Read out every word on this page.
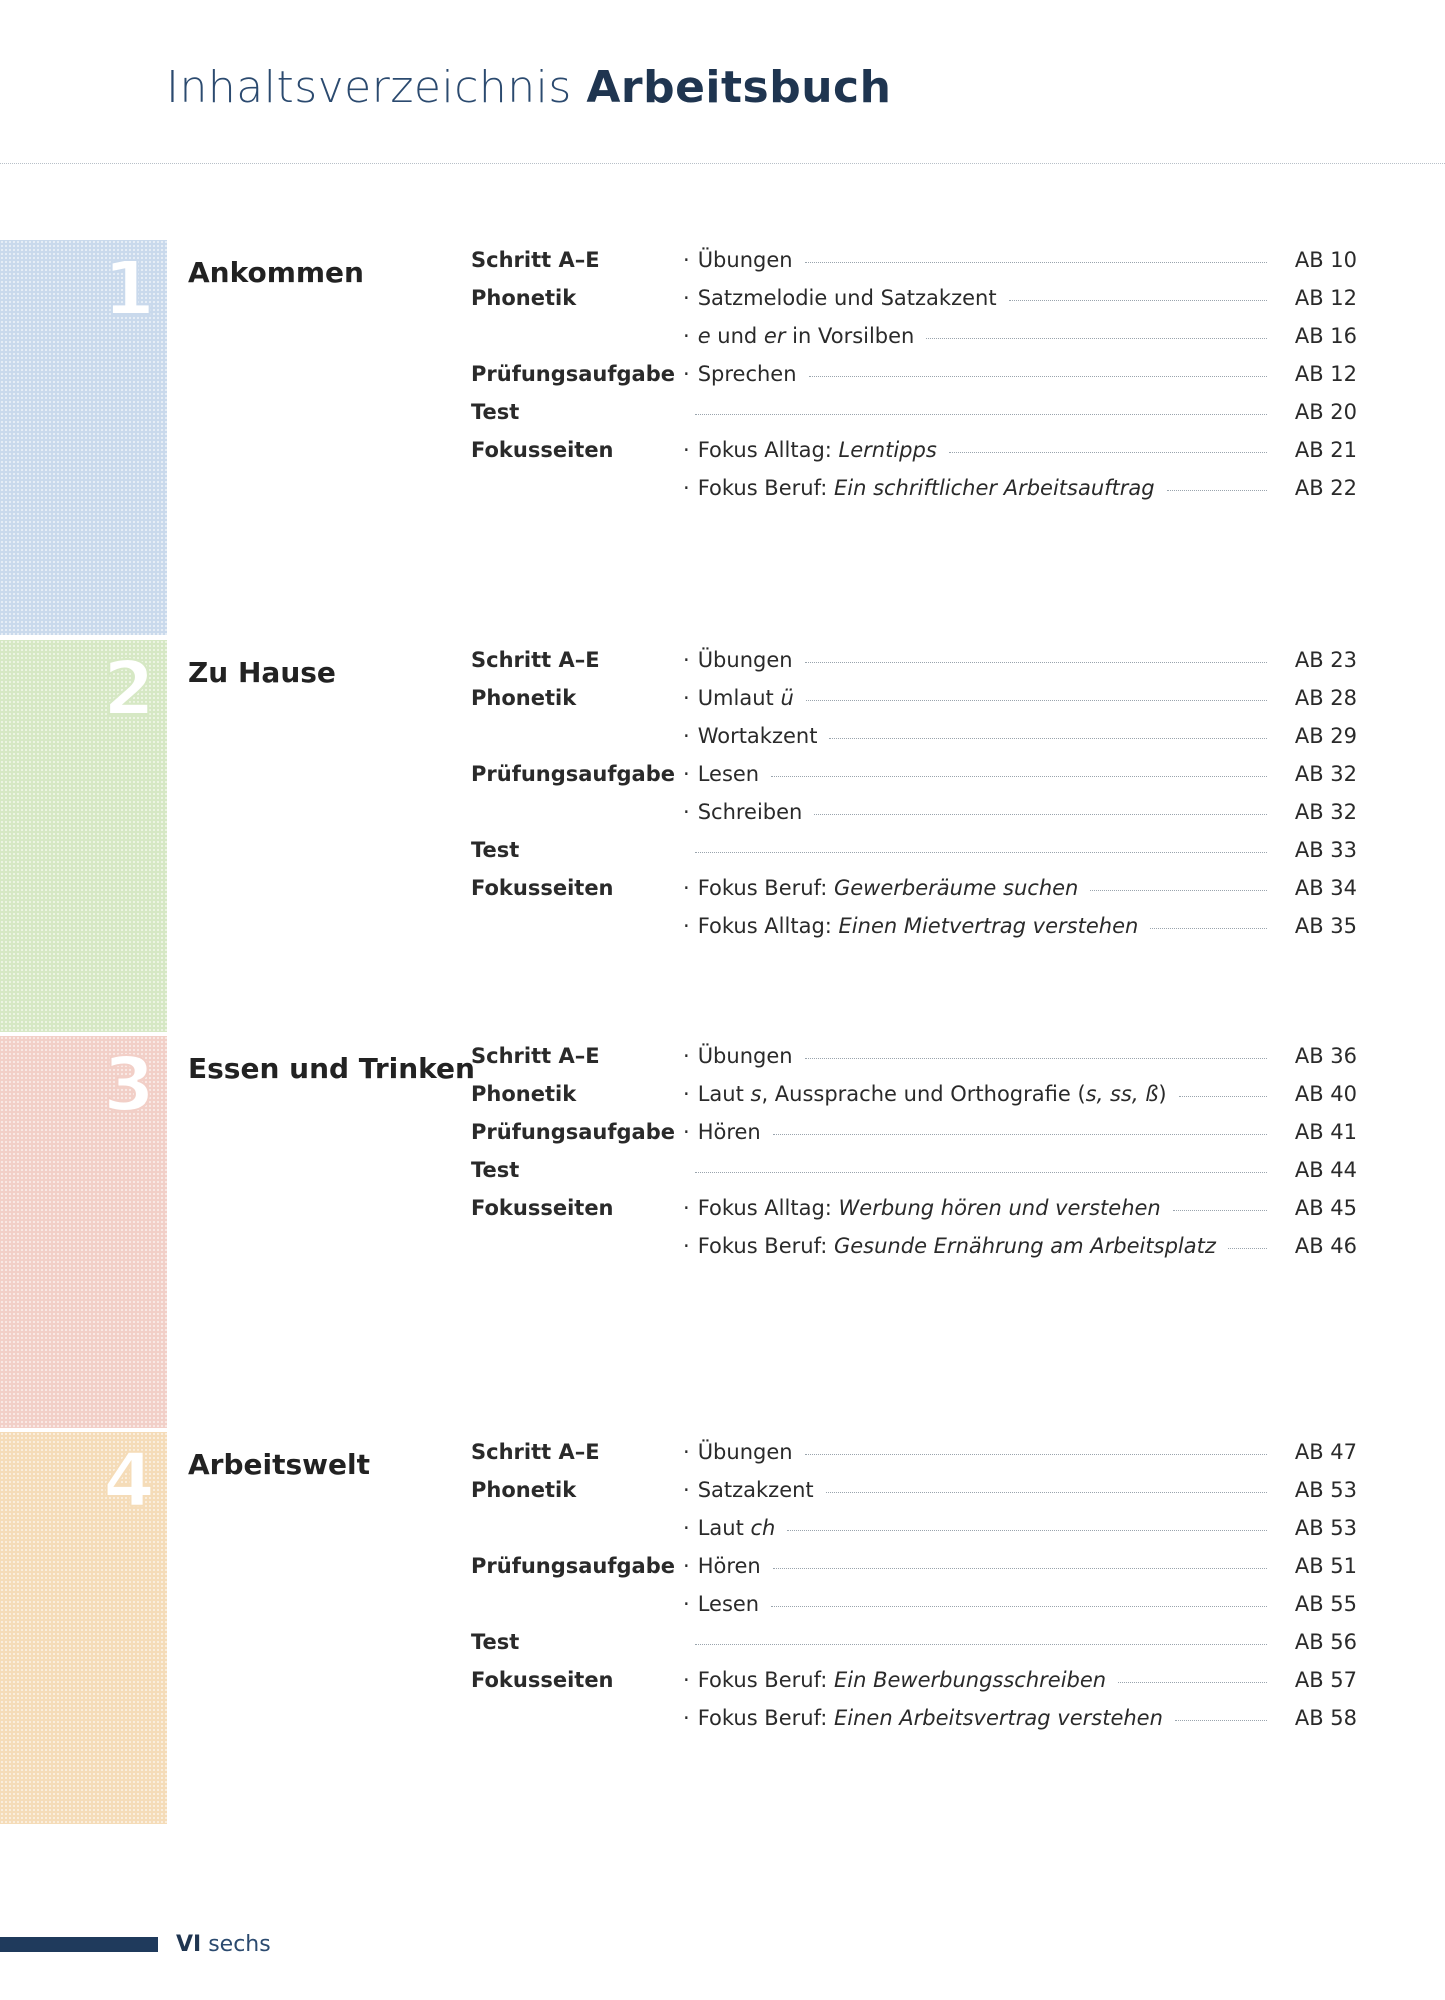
Inhaltsverzeichnis Arbeitsbuch
1 Ankommen	Schritt A–E	· Übungen	AB 10
Phonetik	· Satzmelodie und Satzakzent	AB 12
· e und er in Vorsilben	AB 16
Prüfungsaufgabe · Sprechen	AB 12
Test	AB 20
Fokusseiten	· Fokus Alltag: Lerntipps	AB 21
· Fokus Beruf: Ein schriftlicher Arbeitsauftrag	AB 22
2 Zu Hause	Schritt A–E	· Übungen	AB 23
Phonetik	· Umlaut ü	AB 28
· Wortakzent	AB 29
Prüfungsaufgabe · Lesen	AB 32
· Schreiben	AB 32
Test	AB 33
Fokusseiten	· Fokus Beruf: Gewerberäume suchen	AB 34
· Fokus Alltag: Einen Mietvertrag verstehen	AB 35
3 Essen und Trinken
Schritt A–E	· Übungen	AB 36
Phonetik	· Laut s, Aussprache und Orthografie (s, ss, ß)	AB 40
Prüfungsaufgabe · Hören	AB 41
Test	AB 44
Fokusseiten	· Fokus Alltag: Werbung hören und verstehen	AB 45
· Fokus Beruf: Gesunde Ernährung am Arbeitsplatz	AB 46
4 Arbeitswelt	Schritt A–E	· Übungen	AB 47
Phonetik	· Satzakzent	AB 53
· Laut ch	AB 53
Prüfungsaufgabe · Hören	AB 51
· Lesen	AB 55
Test	AB 56
Fokusseiten	· Fokus Beruf: Ein Bewerbungsschreiben	AB 57
· Fokus Beruf: Einen Arbeitsvertrag verstehen	AB 58
VI sechs
